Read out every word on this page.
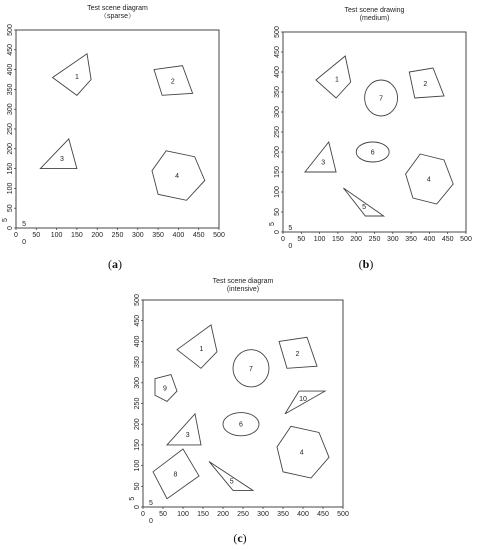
Test scene diagram
（sparse）
0 50 100 150 200 250 300 350 400 450 500
0
50
100
150
200
250
300
350
400
450
500
5
5
0
1
2
3
4
(a)
Test scene drawing
(medium)
0 50 100 150 200 250 300 350 400 450 500
0
50
100
150
200
250
300
350
400
450
500
5
5
0
1
2
3
4
5
6
7
(b)
Test scene diagram
(intensive)
0 50 100 150 200 250 300 350 400 450 500
0
50
100
150
200
250
300
350
400
450
500
5
5
0
1
2
3
4
5
6
7
8
9
10
(c)
